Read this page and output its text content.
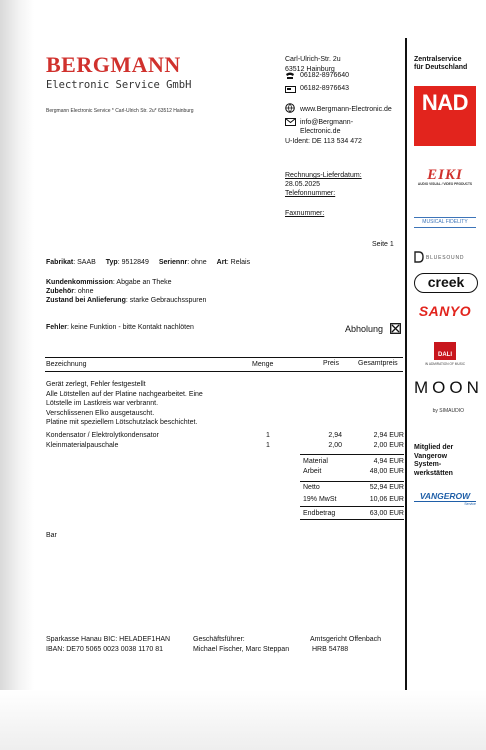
BERGMANN
Electronic Service GmbH
Bergmann Electronic Service * Carl-Ulrich Str. 2u* 63512 Hainburg
Carl-Ulrich-Str. 2u
63512 Hainburg
06182-8976640
06182-8976643
www.Bergmann-Electronic.de
info@Bergmann-
Electronic.de
U-Ident: DE 113 534 472
Rechnungs-Lieferdatum:
28.05.2025
Telefonnummer:
Faxnummer:
Seite 1
Fabrikat: SAAB Typ: 9512849 Seriennr: ohne Art: Relais
Kundenkommission: Abgabe an Theke
Zubehör: ohne
Zustand bei Anlieferung: starke Gebrauchsspuren
Fehler: keine Funktion - bitte Kontakt nachlöten	Abholung
Bezeichnung	Menge	Preis	Gesamtpreis
Gerät zerlegt, Fehler festgestellt
Alle Lötstellen auf der Platine nachgearbeitet. Eine
Lötstelle im Lastkreis war verbrannt.
Verschlissenen Elko ausgetauscht.
Platine mit speziellem Lötschutzlack beschichtet.
Kondensator / Elektrolytkondensator	1	2,94	2,94 EUR
Kleinmaterialpauschale	1	2,00	2,00 EUR
Material	4,94 EUR
Arbeit	48,00 EUR
Netto	52,94 EUR
19% MwSt	10,06 EUR
Endbetrag	63,00 EUR
Bar
Sparkasse Hanau BIC: HELADEF1HAN
IBAN: DE70 5065 0023 0038 1170 81
Geschäftsführer:
Michael Fischer, Marc Steppan
Amtsgericht Offenbach
HRB 54788
Zentralservice
für Deutschland
NAD
EIKI
AUDIO VISUAL / VIDEO PRODUCTS
MUSICAL FIDELITY
BLUESOUND
creek
SANYO
DALI
IN ADMIRATION OF MUSIC
MOON
by SIMAUDIO
Mitglied der
Vangerow
System-
werkstätten
VANGEROW
Service
